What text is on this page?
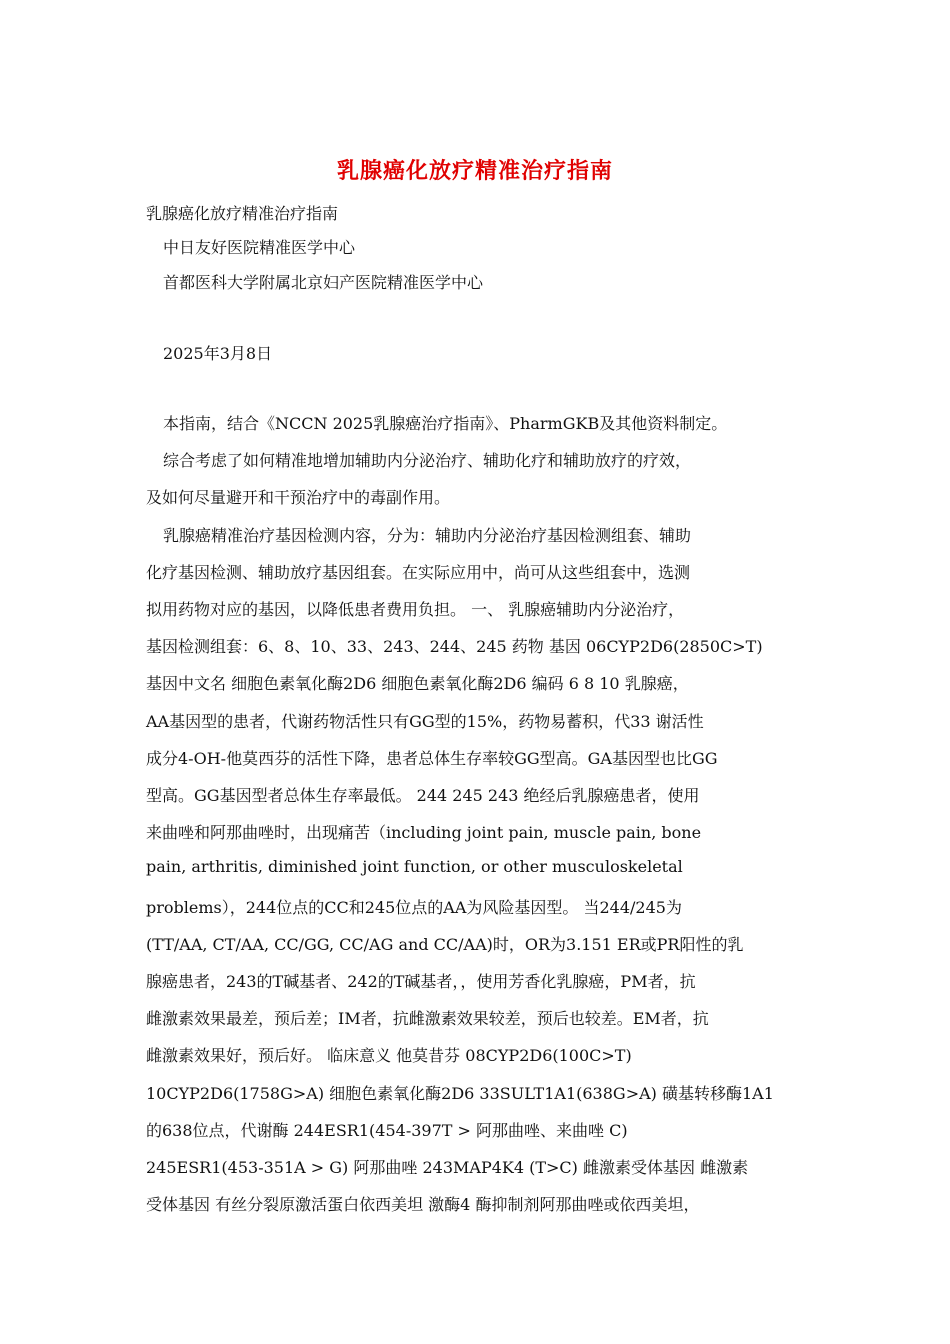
乳腺癌化放疗精准治疗指南
乳腺癌化放疗精准治疗指南
中日友好医院精准医学中心
首都医科大学附属北京妇产医院精准医学中心
2025年3月8日
本指南，结合《NCCN 2025乳腺癌治疗指南》、PharmGKB及其他资料制定。
综合考虑了如何精准地增加辅助内分泌治疗、辅助化疗和辅助放疗的疗效，
及如何尽量避开和干预治疗中的毒副作用。
乳腺癌精准治疗基因检测内容，分为：辅助内分泌治疗基因检测组套、辅助
化疗基因检测、辅助放疗基因组套。在实际应用中，尚可从这些组套中，选测
拟用药物对应的基因，以降低患者费用负担。 一、 乳腺癌辅助内分泌治疗，
基因检测组套：6、8、10、33、243、244、245 药物 基因 06CYP2D6(2850C>T)
基因中文名 细胞色素氧化酶2D6 细胞色素氧化酶2D6 编码 6 8 10 乳腺癌，
AA基因型的患者，代谢药物活性只有GG型的15%，药物易蓄积，代33 谢活性
成分4-OH-他莫西芬的活性下降，患者总体生存率较GG型高。GA基因型也比GG
型高。GG基因型者总体生存率最低。 244 245 243 绝经后乳腺癌患者，使用
来曲唑和阿那曲唑时，出现痛苦（including joint pain, muscle pain, bone
pain, arthritis, diminished joint function, or other musculoskeletal
problems），244位点的CC和245位点的AA为风险基因型。 当244/245为
(TT/AA, CT/AA, CC/GG, CC/AG and CC/AA)时，OR为3.151 ER或PR阳性的乳
腺癌患者，243的T碱基者、242的T碱基者，，使用芳香化乳腺癌，PM者，抗
雌激素效果最差，预后差；IM者，抗雌激素效果较差，预后也较差。EM者，抗
雌激素效果好，预后好。 临床意义 他莫昔芬 08CYP2D6(100C>T)
10CYP2D6(1758G>A) 细胞色素氧化酶2D6 33SULT1A1(638G>A) 磺基转移酶1A1
的638位点，代谢酶 244ESR1(454-397T > 阿那曲唑、来曲唑 C)
245ESR1(453-351A > G) 阿那曲唑 243MAP4K4 (T>C) 雌激素受体基因 雌激素
受体基因 有丝分裂原激活蛋白依西美坦 激酶4 酶抑制剂阿那曲唑或依西美坦，
